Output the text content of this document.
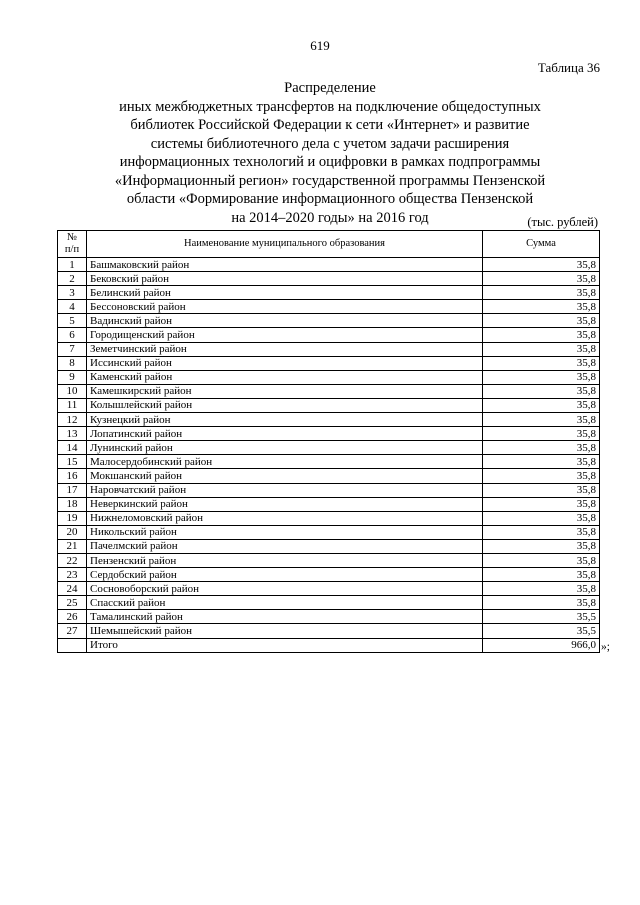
619
Таблица 36
Распределение
иных межбюджетных трансфертов на подключение общедоступных
библиотек Российской Федерации к сети «Интернет» и развитие
системы библиотечного дела с учетом задачи расширения
информационных технологий и оцифровки в рамках подпрограммы
«Информационный регион» государственной программы Пензенской
области «Формирование информационного общества Пензенской
на 2014–2020 годы» на 2016 год	(тыс. рублей)
№
п/п	Наименование муниципального образования	Сумма
1	Башмаковский район	35,8
2	Бековский район	35,8
3	Белинский район	35,8
4	Бессоновский район	35,8
5	Вадинский район	35,8
6	Городищенский район	35,8
7	Земетчинский район	35,8
8	Иссинский район	35,8
9	Каменский район	35,8
10	Камешкирский район	35,8
11	Колышлейский район	35,8
12	Кузнецкий район	35,8
13	Лопатинский район	35,8
14	Лунинский район	35,8
15	Малосердобинский район	35,8
16	Мокшанский район	35,8
17	Наровчатский район	35,8
18	Неверкинский район	35,8
19	Нижнеломовский район	35,8
20	Никольский район	35,8
21	Пачелмский район	35,8
22	Пензенский район	35,8
23	Сердобский район	35,8
24	Сосновоборский район	35,8
25	Спасский район	35,8
26	Тамалинский район	35,5
27	Шемышейский район	35,5
	Итого	966,0 »;
